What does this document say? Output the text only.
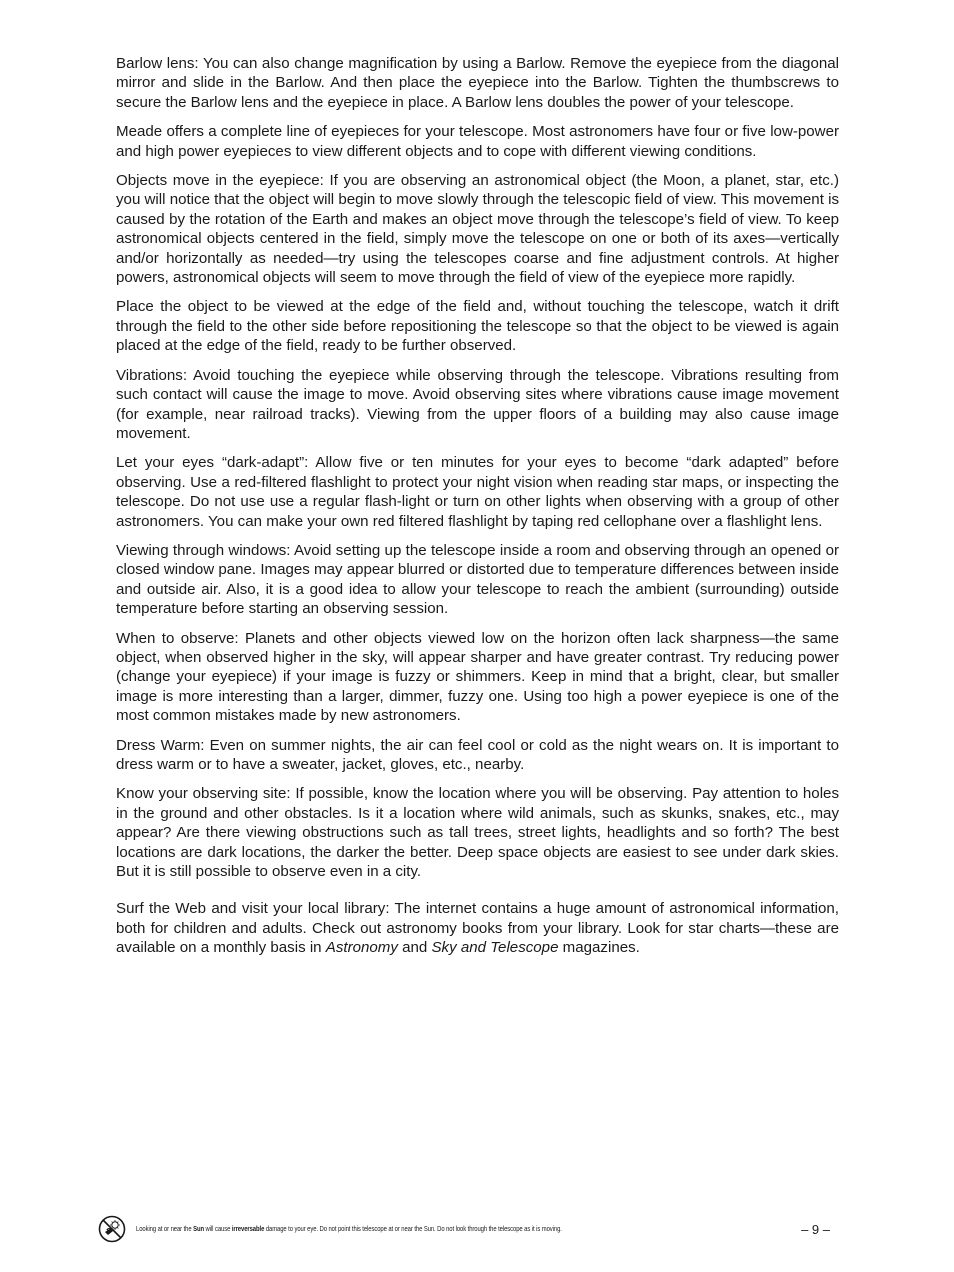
Barlow lens: You can also change magnification by using a Barlow. Remove the eyepiece from the diagonal mirror and slide in the Barlow. And then place the eyepiece into the Barlow. Tighten the thumbscrews to secure the Barlow lens and the eyepiece in place. A Barlow lens doubles the power of your telescope.

Meade offers a complete line of eyepieces for your telescope. Most astronomers have four or five low-power and high power eyepieces to view different objects and to cope with different viewing conditions.

Objects move in the eyepiece: If you are observing an astronomical object (the Moon, a planet, star, etc.) you will notice that the object will begin to move slowly through the telescopic field of view. This movement is caused by the rotation of the Earth and makes an object move through the telescope’s field of view. To keep astronomical objects centered in the field, simply move the telescope on one or both of its axes—vertically and/or horizontally as needed—try using the telescopes coarse and fine adjustment controls. At higher powers, astronomical objects will seem to move through the field of view of the eyepiece more rapidly.

Place the object to be viewed at the edge of the field and, without touching the telescope, watch it drift through the field to the other side before repositioning the telescope so that the object to be viewed is again placed at the edge of the field, ready to be further observed.

Vibrations: Avoid touching the eyepiece while observing through the telescope. Vibrations resulting from such contact will cause the image to move. Avoid observing sites where vibrations cause image movement (for example, near railroad tracks). Viewing from the upper floors of a building may also cause image movement.

Let your eyes “dark-adapt”: Allow five or ten minutes for your eyes to become “dark adapted” before observing. Use a red-filtered flashlight to protect your night vision when reading star maps, or inspecting the telescope. Do not use use a regular flash-light or turn on other lights when observing with a group of other astronomers. You can make your own red filtered flashlight by taping red cellophane over a flashlight lens.

Viewing through windows: Avoid setting up the telescope inside a room and observing through an opened or closed window pane. Images may appear blurred or distorted due to temperature differences between inside and outside air. Also, it is a good idea to allow your telescope to reach the ambient (surrounding) outside temperature before starting an observing session.

When to observe: Planets and other objects viewed low on the horizon often lack sharpness—the same object, when observed higher in the sky, will appear sharper and have greater contrast. Try reducing power (change your eyepiece) if your image is fuzzy or shimmers. Keep in mind that a bright, clear, but smaller image is more interesting than a larger, dimmer, fuzzy one. Using too high a power eyepiece is one of the most common mistakes made by new astronomers.

Dress Warm: Even on summer nights, the air can feel cool or cold as the night wears on. It is important to dress warm or to have a sweater, jacket, gloves, etc., nearby.

Know your observing site: If possible, know the location where you will be observing. Pay attention to holes in the ground and other obstacles. Is it a location where wild animals, such as skunks, snakes, etc., may appear? Are there viewing obstructions such as tall trees, street lights, headlights and so forth? The best locations are dark locations, the darker the better. Deep space objects are easiest to see under dark skies. But it is still possible to observe even in a city.

Surf the Web and visit your local library: The internet contains a huge amount of astronomical information, both for children and adults. Check out astronomy books from your library. Look for star charts—these are available on a monthly basis in Astronomy and Sky and Telescope magazines.

Looking at or near the Sun will cause irreversable damage to your eye. Do not point this telescope at or near the Sun. Do not look through the telescope as it is moving.	– 9 –
